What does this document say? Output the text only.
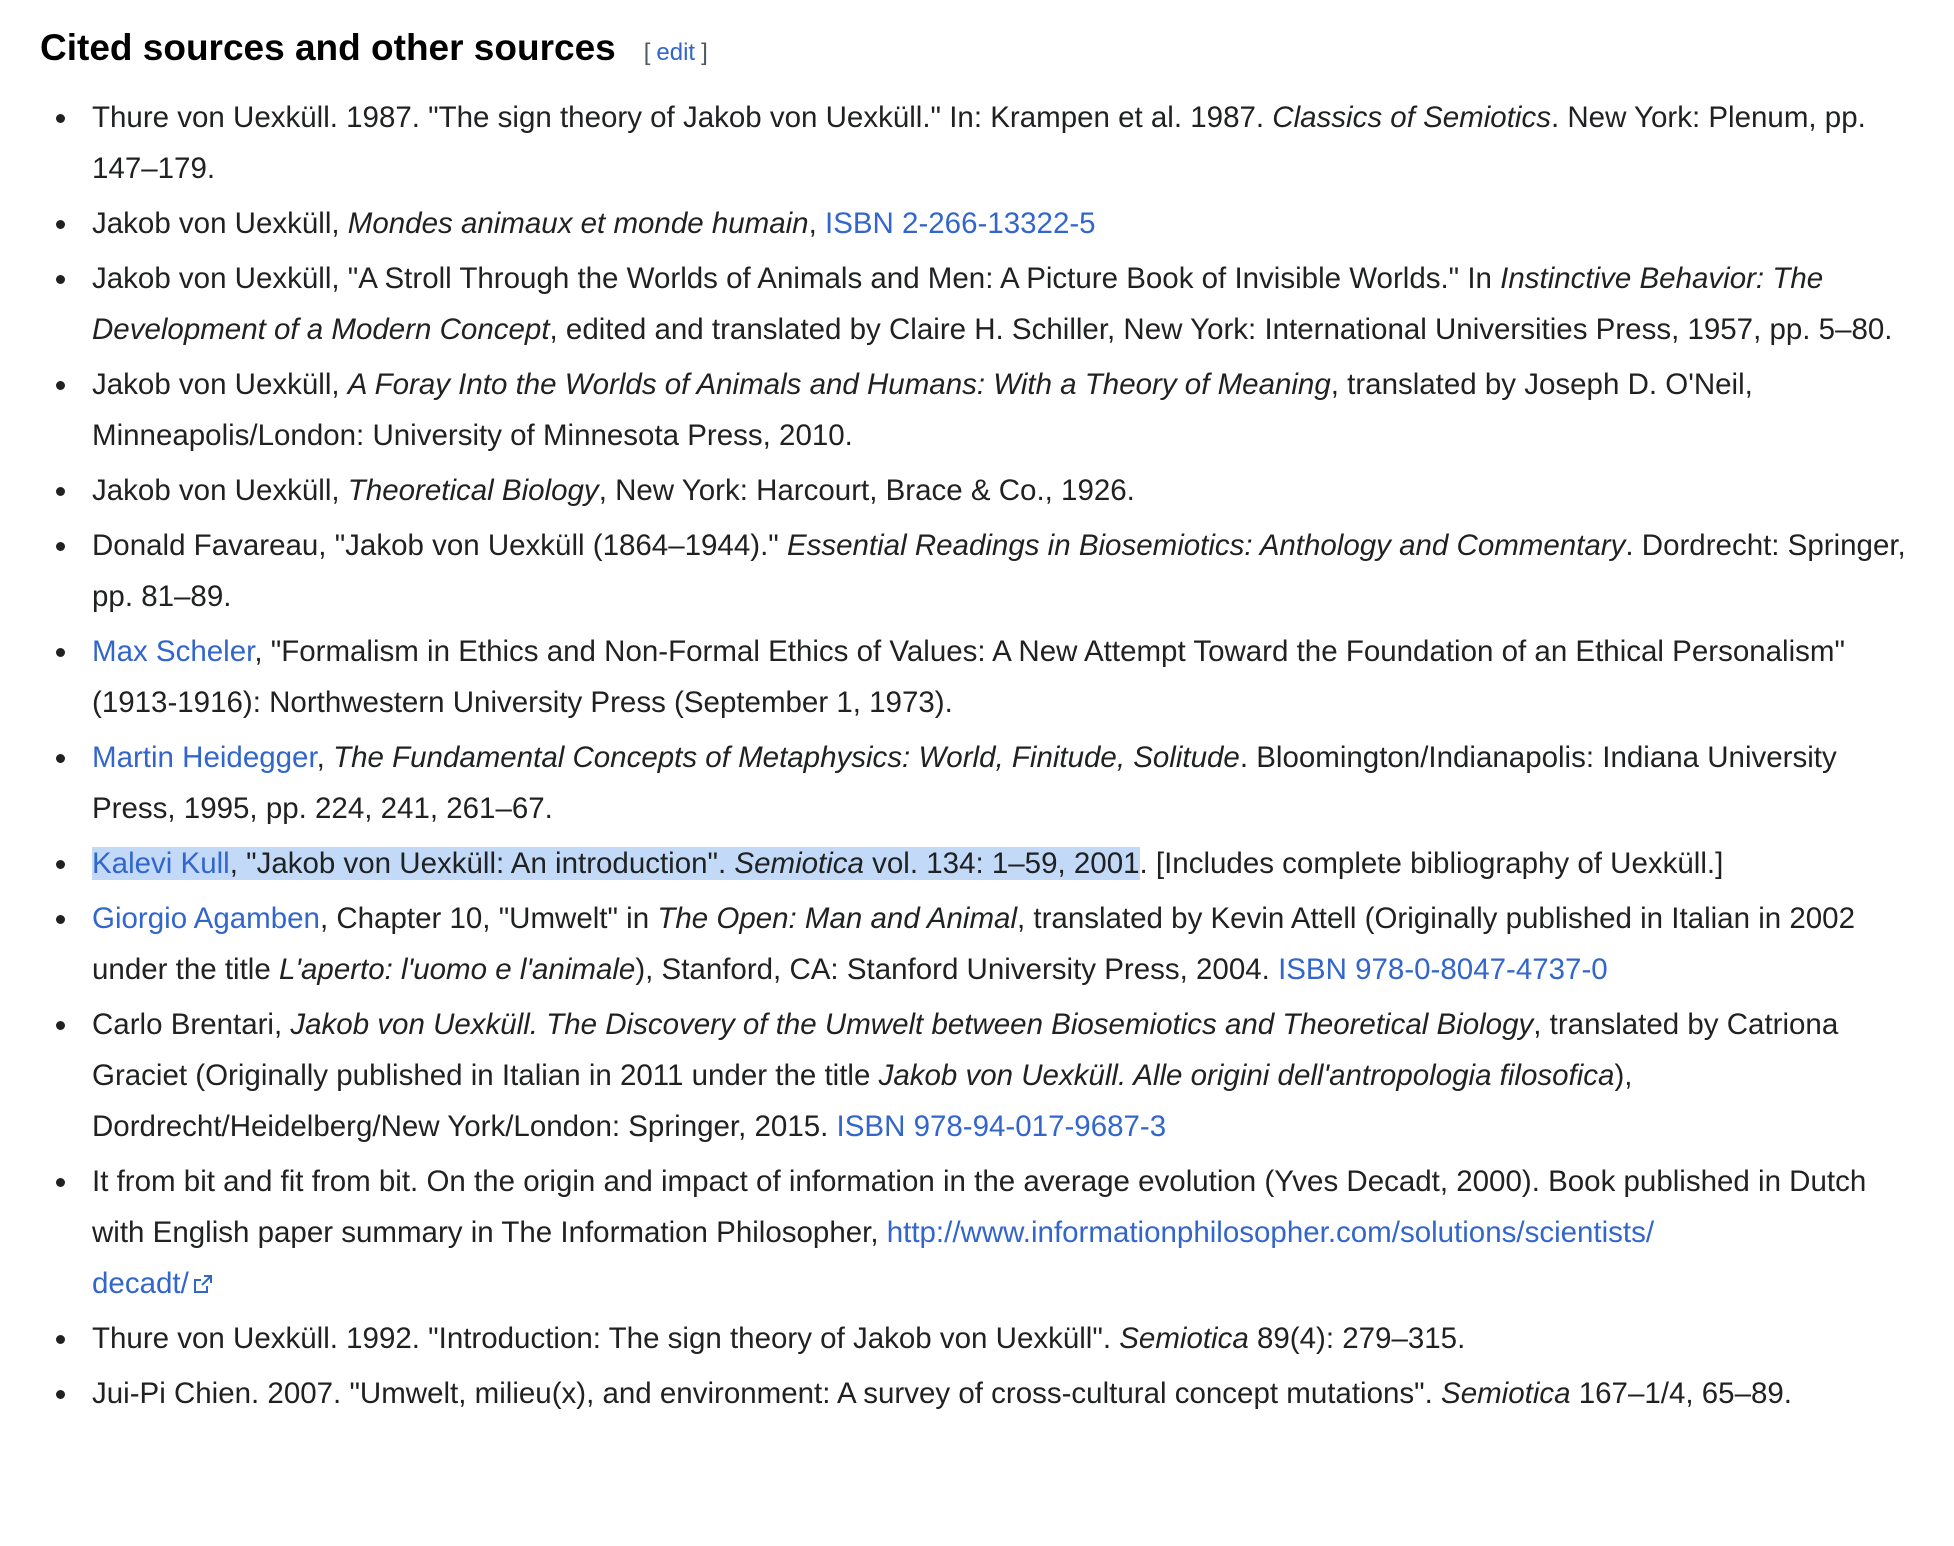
Cited sources and other sources [ edit ]
Thure von Uexküll. 1987. "The sign theory of Jakob von Uexküll." In: Krampen et al. 1987. Classics of Semiotics. New York: Plenum, pp. 147–179.
Jakob von Uexküll, Mondes animaux et monde humain, ISBN 2-266-13322-5
Jakob von Uexküll, "A Stroll Through the Worlds of Animals and Men: A Picture Book of Invisible Worlds." In Instinctive Behavior: The Development of a Modern Concept, edited and translated by Claire H. Schiller, New York: International Universities Press, 1957, pp. 5–80.
Jakob von Uexküll, A Foray Into the Worlds of Animals and Humans: With a Theory of Meaning, translated by Joseph D. O'Neil, Minneapolis/London: University of Minnesota Press, 2010.
Jakob von Uexküll, Theoretical Biology, New York: Harcourt, Brace & Co., 1926.
Donald Favareau, "Jakob von Uexküll (1864–1944)." Essential Readings in Biosemiotics: Anthology and Commentary. Dordrecht: Springer, pp. 81–89.
Max Scheler, "Formalism in Ethics and Non-Formal Ethics of Values: A New Attempt Toward the Foundation of an Ethical Personalism" (1913-1916): Northwestern University Press (September 1, 1973).
Martin Heidegger, The Fundamental Concepts of Metaphysics: World, Finitude, Solitude. Bloomington/Indianapolis: Indiana University Press, 1995, pp. 224, 241, 261–67.
Kalevi Kull, "Jakob von Uexküll: An introduction". Semiotica vol. 134: 1–59, 2001. [Includes complete bibliography of Uexküll.]
Giorgio Agamben, Chapter 10, "Umwelt" in The Open: Man and Animal, translated by Kevin Attell (Originally published in Italian in 2002 under the title L'aperto: l'uomo e l'animale), Stanford, CA: Stanford University Press, 2004. ISBN 978-0-8047-4737-0
Carlo Brentari, Jakob von Uexküll. The Discovery of the Umwelt between Biosemiotics and Theoretical Biology, translated by Catriona Graciet (Originally published in Italian in 2011 under the title Jakob von Uexküll. Alle origini dell'antropologia filosofica), Dordrecht/Heidelberg/New York/London: Springer, 2015. ISBN 978-94-017-9687-3
It from bit and fit from bit. On the origin and impact of information in the average evolution (Yves Decadt, 2000). Book published in Dutch with English paper summary in The Information Philosopher, http://www.informationphilosopher.com/solutions/scientists/
decadt/
Thure von Uexküll. 1992. "Introduction: The sign theory of Jakob von Uexküll". Semiotica 89(4): 279–315.
Jui-Pi Chien. 2007. "Umwelt, milieu(x), and environment: A survey of cross-cultural concept mutations". Semiotica 167–1/4, 65–89.
